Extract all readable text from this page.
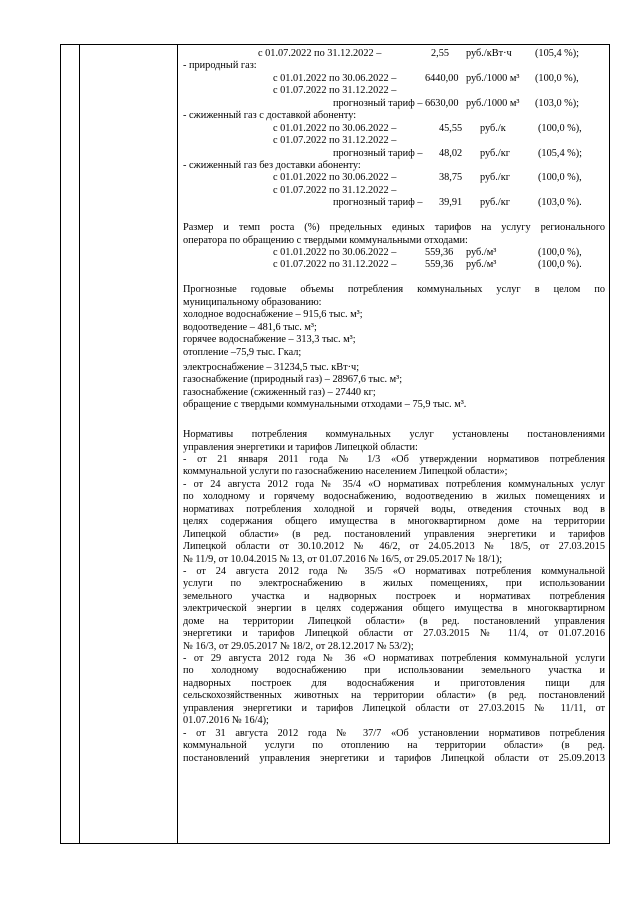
с 01.07.2022 по 31.12.2022 –	2,55 руб./кВт·ч (105,4 %);
- природный газ:
с 01.01.2022 по 30.06.2022 –	6440,00 руб./1000 м³ (100,0 %),
с 01.07.2022 по 31.12.2022 –
прогнозный тариф – 6630,00 руб./1000 м³ (103,0 %);
- сжиженный газ с доставкой абоненту:
с 01.01.2022 по 30.06.2022 –	45,55 руб./к	(100,0 %),
с 01.07.2022 по 31.12.2022 –
прогнозный тариф – 48,02 руб./кг	(105,4 %);
- сжиженный газ без доставки абоненту:
с 01.01.2022 по 30.06.2022 –	38,75 руб./кг	(100,0 %),
с 01.07.2022 по 31.12.2022 –
прогнозный тариф – 39,91 руб./кг	(103,0 %).
Размер и темп роста (%) предельных единых тарифов на услугу регионального
оператора по обращению с твердыми коммунальными отходами:
с 01.01.2022 по 30.06.2022 –	559,36 руб./м³	(100,0 %),
с 01.07.2022 по 31.12.2022 –	559,36 руб./м³	(100,0 %).
Прогнозные годовые объемы потребления коммунальных услуг в целом по
муниципальному образованию:
холодное водоснабжение – 915,6 тыс. м³;
водоотведение – 481,6 тыс. м³;
горячее водоснабжение – 313,3 тыс. м³;
отопление –75,9 тыс. Гкал;
электроснабжение – 31234,5 тыс. кВт·ч;
газоснабжение (природный газ) – 28967,6 тыс. м³;
газоснабжение (сжиженный газ) – 27440 кг;
обращение с твердыми коммунальными отходами – 75,9 тыс. м³.
Нормативы потребления коммунальных услуг установлены постановлениями
управления энергетики и тарифов Липецкой области:
- от 21 января 2011 года № 1/3 «Об утверждении нормативов потребления
коммунальной услуги по газоснабжению населением Липецкой области»;
- от 24 августа 2012 года № 35/4 «О нормативах потребления коммунальных услуг
по холодному и горячему водоснабжению, водоотведению в жилых помещениях и
нормативах потребления холодной и горячей воды, отведения сточных вод в
целях содержания общего имущества в многоквартирном доме на территории
Липецкой области» (в ред. постановлений управления энергетики и тарифов
Липецкой области от 30.10.2012 № 46/2, от 24.05.2013 № 18/5, от 27.03.2015
№ 11/9, от 10.04.2015 № 13, от 01.07.2016 № 16/5, от 29.05.2017 № 18/1);
- от 24 августа 2012 года № 35/5 «О нормативах потребления коммунальной
услуги по электроснабжению в жилых помещениях, при использовании
земельного участка и надворных построек и нормативах потребления
электрической энергии в целях содержания общего имущества в многоквартирном
доме на территории Липецкой области» (в ред. постановлений управления
энергетики и тарифов Липецкой области от 27.03.2015 № 11/4, от 01.07.2016
№ 16/3, от 29.05.2017 № 18/2, от 28.12.2017 № 53/2);
- от 29 августа 2012 года № 36 «О нормативах потребления коммунальной услуги
по холодному водоснабжению при использовании земельного участка и
надворных построек для водоснабжения и приготовления пищи для
сельскохозяйственных животных на территории области» (в ред. постановлений
управления энергетики и тарифов Липецкой области от 27.03.2015 № 11/11, от
01.07.2016 № 16/4);
- от 31 августа 2012 года № 37/7 «Об установлении нормативов потребления
коммунальной услуги по отоплению на территории области» (в ред.
постановлений управления энергетики и тарифов Липецкой области от 25.09.2013
